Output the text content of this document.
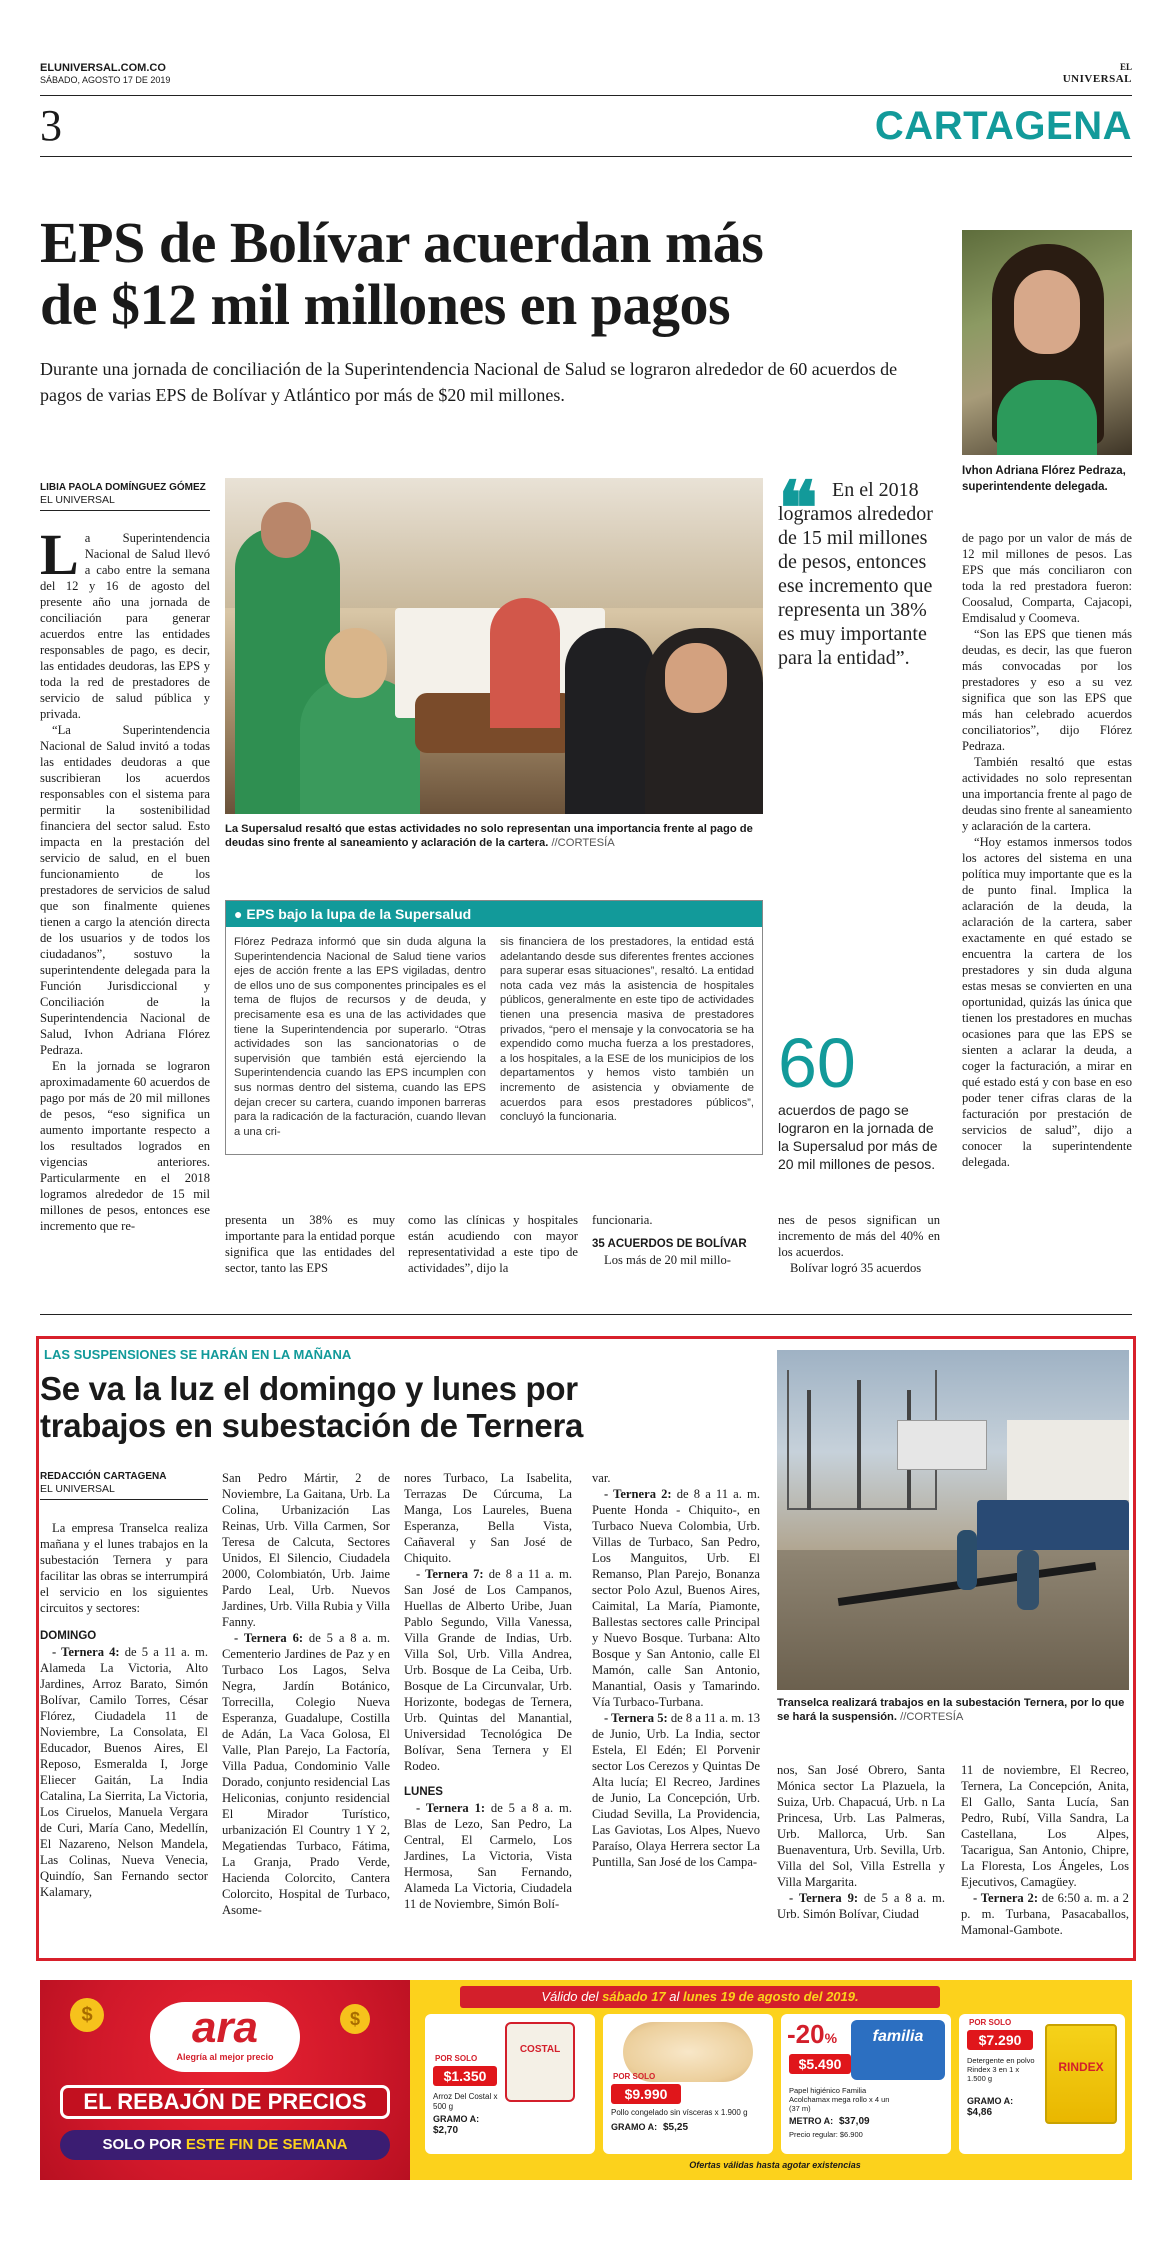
ELUNIVERSAL.COM.CO
SÁBADO, AGOSTO 17 DE 2019
EL
UNIVERSAL
3	CARTAGENA
EPS de Bolívar acuerdan más
de $12 mil millones en pagos

Durante una jornada de conciliación de la Superintendencia Nacional de Salud se lograron alrededor de 60 acuerdos de pagos de varias EPS de Bolívar y Atlántico por más de $20 mil millones.

Ivhon Adriana Flórez Pedraza, superintendente delegada.

LIBIA PAOLA DOMÍNGUEZ GÓMEZ
EL UNIVERSAL

La Superintendencia Nacional de Salud llevó a cabo entre la semana del 12 y 16 de agosto del presente año una jornada de conciliación para generar acuerdos entre las entidades responsables de pago, es decir, las entidades deudoras, las EPS y toda la red de prestadores de servicio de salud pública y privada.

“La Superintendencia Nacional de Salud invitó a todas las entidades deudoras a que suscribieran los acuerdos responsables con el sistema para permitir la sostenibilidad financiera del sector salud. Esto impacta en la prestación del servicio de salud, en el buen funcionamiento de los prestadores de servicios de salud que son finalmente quienes tienen a cargo la atención directa de los usuarios y de todos los ciudadanos”, sostuvo la superintendente delegada para la Función Jurisdiccional y Conciliación de la Superintendencia Nacional de Salud, Ivhon Adriana Flórez Pedraza.

En la jornada se lograron aproximadamente 60 acuerdos de pago por más de 20 mil millones de pesos, “eso significa un aumento importante respecto a los resultados logrados en vigencias anteriores. Particularmente en el 2018 logramos alrededor de 15 mil millones de pesos, entonces ese incremento que re-

La Supersalud resaltó que estas actividades no solo representan una importancia frente al pago de deudas sino frente al saneamiento y aclaración de la cartera. //CORTESÍA

❝ En el 2018 logramos alrededor de 15 mil millones de pesos, entonces ese incremento que representa un 38% es muy importante para la entidad”.

● EPS bajo la lupa de la Supersalud

Flórez Pedraza informó que sin duda alguna la Superintendencia Nacional de Salud tiene varios ejes de acción frente a las EPS vigiladas, dentro de ellos uno de sus componentes principales es el tema de flujos de recursos y de deuda, y precisamente esa es una de las actividades que tiene la Superintendencia por superarlo. “Otras actividades son las sancionatorias o de supervisión que también está ejerciendo la Superintendencia cuando las EPS incumplen con sus normas dentro del sistema, cuando las EPS dejan crecer su cartera, cuando imponen barreras para la radicación de la facturación, cuando llevan a una cri-

sis financiera de los prestadores, la entidad está adelantando desde sus diferentes frentes acciones para superar esas situaciones”, resaltó. La entidad nota cada vez más la asistencia de hospitales públicos, generalmente en este tipo de actividades tienen una presencia masiva de prestadores privados, “pero el mensaje y la convocatoria se ha expendido como mucha fuerza a los prestadores, a los hospitales, a la ESE de los municipios de los departamentos y hemos visto también un incremento de asistencia y obviamente de acuerdos para esos prestadores públicos”, concluyó la funcionaria.

60

acuerdos de pago se lograron en la jornada de la Supersalud por más de 20 mil millones de pesos.

presenta un 38% es muy importante para la entidad porque significa que las entidades del sector, tanto las EPS

como las clínicas y hospitales están acudiendo con mayor representatividad a este tipo de actividades”, dijo la

funcionaria.

35 ACUERDOS DE BOLÍVAR

Los más de 20 mil millo-

nes de pesos significan un incremento de más del 40% en los acuerdos.

Bolívar logró 35 acuerdos

de pago por un valor de más de 12 mil millones de pesos. Las EPS que más conciliaron con toda la red prestadora fueron: Coosalud, Comparta, Cajacopi, Emdisalud y Coomeva.

“Son las EPS que tienen más deudas, es decir, las que fueron más convocadas por los prestadores y eso a su vez significa que son las EPS que más han celebrado acuerdos conciliatorios”, dijo Flórez Pedraza.

También resaltó que estas actividades no solo representan una importancia frente al pago de deudas sino frente al saneamiento y aclaración de la cartera.

“Hoy estamos inmersos todos los actores del sistema en una política muy importante que es la de punto final. Implica la aclaración de la deuda, la aclaración de la cartera, saber exactamente en qué estado se encuentra la cartera de los prestadores y sin duda alguna estas mesas se convierten en una oportunidad, quizás las única que tienen los prestadores en muchas ocasiones para que las EPS se sienten a aclarar la deuda, a coger la facturación, a mirar en qué estado está y con base en eso poder tener cifras claras de la facturación por prestación de servicios de salud”, dijo a conocer la superintendente delegada.

LAS SUSPENSIONES SE HARÁN EN LA MAÑANA
Se va la luz el domingo y lunes por
trabajos en subestación de Ternera
REDACCIÓN CARTAGENA
EL UNIVERSAL

La empresa Transelca realiza mañana y el lunes trabajos en la subestación Ternera y para facilitar las obras se interrumpirá el servicio en los siguientes circuitos y sectores:

DOMINGO

- Ternera 4: de 5 a 11 a. m. Alameda La Victoria, Alto Jardines, Arroz Barato, Simón Bolívar, Camilo Torres, César Flórez, Ciudadela 11 de Noviembre, La Consolata, El Educador, Buenos Aires, El Reposo, Esmeralda I, Jorge Eliecer Gaitán, La India Catalina, La Sierrita, La Victoria, Los Ciruelos, Manuela Vergara de Curi, María Cano, Medellín, El Nazareno, Nelson Mandela, Las Colinas, Nueva Venecia, Quindío, San Fernando sector Kalamary,

San Pedro Mártir, 2 de Noviembre, La Gaitana, Urb. La Colina, Urbanización Las Reinas, Urb. Villa Carmen, Sor Teresa de Calcuta, Sectores Unidos, El Silencio, Ciudadela 2000, Colombiatón, Urb. Jaime Pardo Leal, Urb. Nuevos Jardines, Urb. Villa Rubia y Villa Fanny.

- Ternera 6: de 5 a 8 a. m. Cementerio Jardines de Paz y en Turbaco Los Lagos, Selva Negra, Jardín Botánico, Torrecilla, Colegio Nueva Esperanza, Guadalupe, Costilla de Adán, La Vaca Golosa, El Valle, Plan Parejo, La Factoría, Villa Padua, Condominio Valle Dorado, conjunto residencial Las Heliconias, conjunto residencial El Mirador Turístico, urbanización El Country 1 Y 2, Megatiendas Turbaco, Fátima, La Granja, Prado Verde, Hacienda Colorcito, Cantera Colorcito, Hospital de Turbaco, Asome-

nores Turbaco, La Isabelita, Terrazas De Cúrcuma, La Manga, Los Laureles, Buena Esperanza, Bella Vista, Cañaveral y San José de Chiquito.

- Ternera 7: de 8 a 11 a. m. San José de Los Campanos, Huellas de Alberto Uribe, Juan Pablo Segundo, Villa Vanessa, Villa Grande de Indias, Urb. Villa Sol, Urb. Villa Andrea, Urb. Bosque de La Ceiba, Urb. Bosque de La Circunvalar, Urb. Horizonte, bodegas de Ternera, Urb. Quintas del Manantial, Universidad Tecnológica De Bolívar, Sena Ternera y El Rodeo.

LUNES

- Ternera 1: de 5 a 8 a. m. Blas de Lezo, San Pedro, La Central, El Carmelo, Los Jardines, La Victoria, Vista Hermosa, San Fernando, Alameda La Victoria, Ciudadela 11 de Noviembre, Simón Bolí-

var.

- Ternera 2: de 8 a 11 a. m. Puente Honda - Chiquito-, en Turbaco Nueva Colombia, Urb. Villas de Turbaco, San Pedro, Los Manguitos, Urb. El Remanso, Plan Parejo, Bonanza sector Polo Azul, Buenos Aires, Caimital, La María, Piamonte, Ballestas sectores calle Principal y Nuevo Bosque. Turbana: Alto Bosque y San Antonio, calle El Mamón, calle San Antonio, Manantial, Oasis y Tamarindo. Vía Turbaco-Turbana.

- Ternera 5: de 8 a 11 a. m. 13 de Junio, Urb. La India, sector Estela, El Edén; El Porvenir sector Los Cerezos y Quintas De Alta lucía; El Recreo, Jardines de Junio, La Concepción, Urb. Ciudad Sevilla, La Providencia, Las Gaviotas, Los Alpes, Nuevo Paraíso, Olaya Herrera sector La Puntilla, San José de los Campa-

Transelca realizará trabajos en la subestación Ternera, por lo que se hará la suspensión. //CORTESÍA

nos, San José Obrero, Santa Mónica sector La Plazuela, la Suiza, Urb. Chapacuá, Urb. n La Princesa, Urb. Las Palmeras, Urb. Mallorca, Urb. San Buenaventura, Urb. Sevilla, Urb. Villa del Sol, Villa Estrella y Villa Margarita.

- Ternera 9: de 5 a 8 a. m. Urb. Simón Bolívar, Ciudad

11 de noviembre, El Recreo, Ternera, La Concepción, Anita, El Gallo, Santa Lucía, San Pedro, Rubí, Villa Sandra, La Castellana, Los Alpes, Tacarigua, San Antonio, Chipre, La Floresta, Los Ángeles, Los Ejecutivos, Camagüey.

- Ternera 2: de 6:50 a. m. a 2 p. m. Turbana, Pasacaballos, Mamonal-Gambote.

ara
Alegría al mejor precio
$	$
EL REBAJÓN DE PRECIOS
SOLO POR ESTE FIN DE SEMANA
Válido del sábado 17 al lunes 19 de agosto del 2019.
COSTAL
POR SOLO
$1.350
Arroz Del Costal x 500 g
GRAMO A:
$2,70
POR SOLO
$9.990
Pollo congelado sin vísceras x 1.900 g
GRAMO A: $5,25
familia
-20%
$5.490
Papel higiénico Familia Acolchamax mega rollo x 4 un (37 m)
METRO A: $37,09
Precio regular: $6.900
POR SOLO
$7.290
Detergente en polvo Rindex 3 en 1 x 1.500 g
GRAMO A:
$4,86
RINDEX
Ofertas válidas hasta agotar existencias
